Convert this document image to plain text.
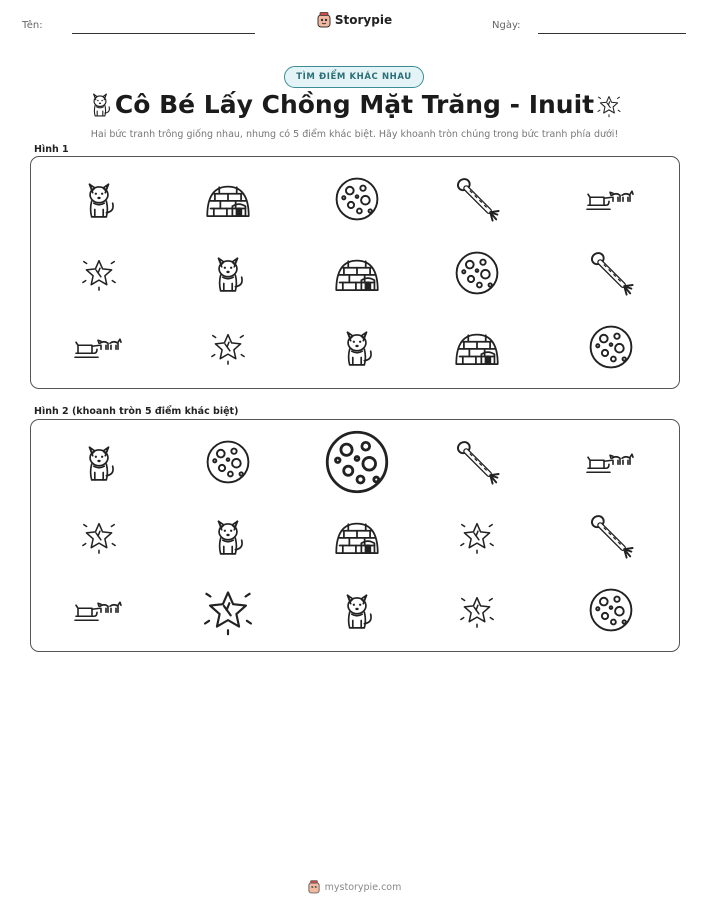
Tên:	Storypie	Ngày:
TÌM ĐIỂM KHÁC NHAU
Cô Bé Lấy Chồng Mặt Trăng - Inuit
Hai bức tranh trông giống nhau, nhưng có 5 điểm khác biệt. Hãy khoanh tròn chúng trong bức tranh phía dưới!
Hình 1
Hình 2 (khoanh tròn 5 điểm khác biệt)
mystorypie.com
